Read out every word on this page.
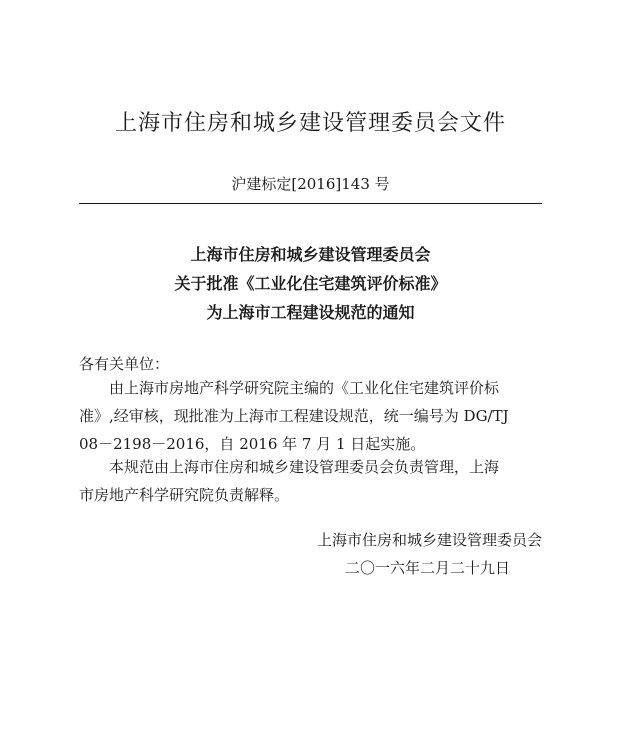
上海市住房和城乡建设管理委员会文件
沪建标定[2016]143 号
上海市住房和城乡建设管理委员会
关于批准《工业化住宅建筑评价标准》
为上海市工程建设规范的通知
各有关单位：
由上海市房地产科学研究院主编的《工业化住宅建筑评价标
准》,经审核，现批准为上海市工程建设规范，统一编号为 DG/TJ
08－2198－2016，自 2016 年 7 月 1 日起实施。
本规范由上海市住房和城乡建设管理委员会负责管理，上海
市房地产科学研究院负责解释。
上海市住房和城乡建设管理委员会
二〇一六年二月二十九日
